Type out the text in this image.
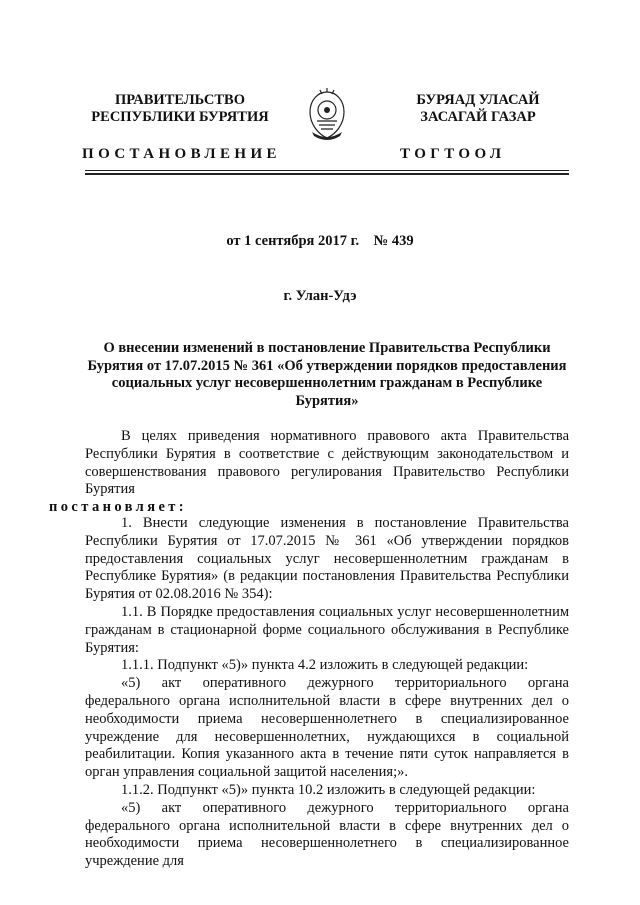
ПРАВИТЕЛЬСТВО
РЕСПУБЛИКИ БУРЯТИЯ
БУРЯАД УЛАСАЙ
ЗАСАГАЙ ГАЗАР
ПОСТАНОВЛЕНИЕ	ТОГТООЛ
от 1 сентября 2017 г.    № 439
г. Улан-Удэ
О внесении изменений в постановление Правительства Республики Бурятия от 17.07.2015 № 361 «Об утверждении порядков предоставления социальных услуг несовершеннолетним гражданам в Республике Бурятия»

В целях приведения нормативного правового акта Правительства Республики Бурятия в соответствие с действующим законодательством и совершенствования правового регулирования Правительство Республики Бурятия
постановляет:

1. Внести следующие изменения в постановление Правительства Республики Бурятия от 17.07.2015 № 361 «Об утверждении порядков предоставления социальных услуг несовершеннолетним гражданам в Республике Бурятия» (в редакции постановления Правительства Республики Бурятия от 02.08.2016 № 354):

1.1. В Порядке предоставления социальных услуг несовершеннолетним гражданам в стационарной форме социального обслуживания в Республике Бурятия:

1.1.1. Подпункт «5)» пункта 4.2 изложить в следующей редакции:

«5) акт оперативного дежурного территориального органа федерального органа исполнительной власти в сфере внутренних дел о необходимости приема несовершеннолетнего в специализированное учреждение для несовершеннолетних, нуждающихся в социальной реабилитации. Копия указанного акта в течение пяти суток направляется в орган управления социальной защитой населения;».

1.1.2. Подпункт «5)» пункта 10.2 изложить в следующей редакции:

«5) акт оперативного дежурного территориального органа федерального органа исполнительной власти в сфере внутренних дел о необходимости приема несовершеннолетнего в специализированное учреждение для
